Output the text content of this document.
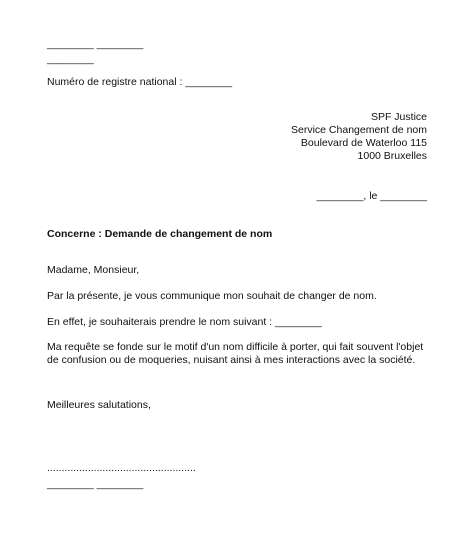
________ ________
________
Numéro de registre national : ________
SPF Justice
Service Changement de nom
Boulevard de Waterloo 115
1000 Bruxelles
________, le ________
Concerne : Demande de changement de nom
Madame, Monsieur,
Par la présente, je vous communique mon souhait de changer de nom.
En effet, je souhaiterais prendre le nom suivant : ________
Ma requête se fonde sur le motif d'un nom difficile à porter, qui fait souvent l'objet de confusion ou de moqueries, nuisant ainsi à mes interactions avec la société.
Meilleures salutations,
...................................................
________ ________
